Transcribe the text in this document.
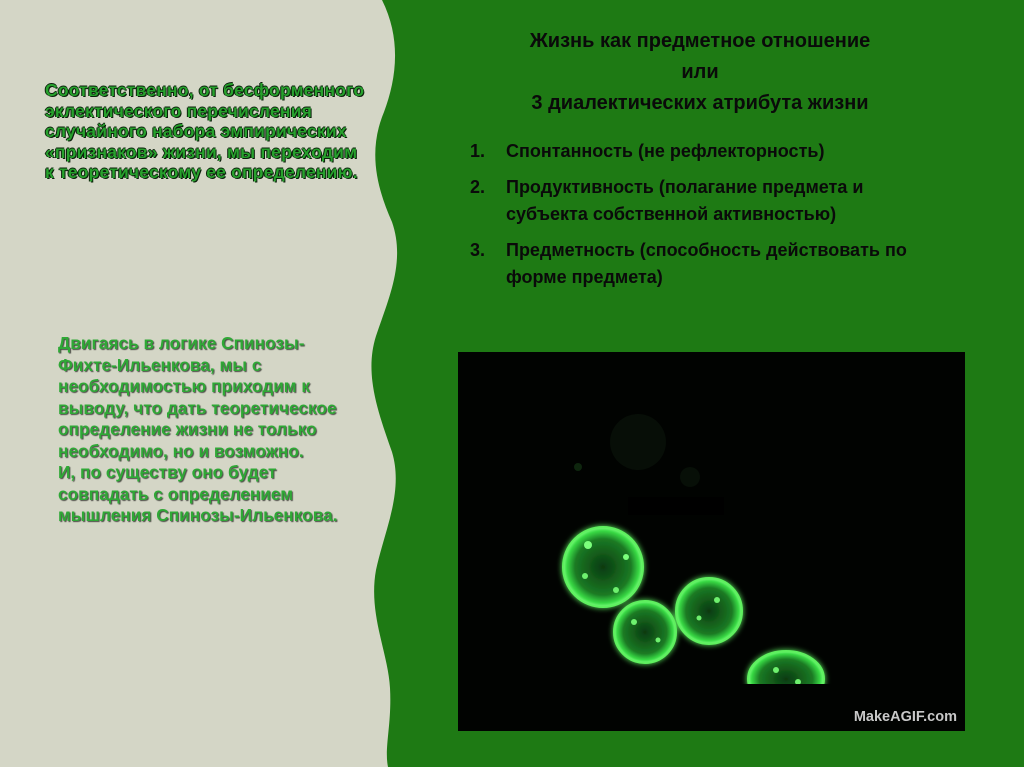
Соответственно, от бесформенного эклектического перечисления случайного набора эмпирических «признаков» жизни, мы переходим к теоретическому ее определению.
Двигаясь в логике Спинозы-Фихте-Ильенкова, мы с необходимостью приходим к выводу, что дать теоретическое определение жизни не только необходимо, но и возможно.
И, по существу оно будет совпадать с определением мышления Спинозы-Ильенкова.
Жизнь как предметное отношение
или
3 диалектических атрибута жизни
1.	Спонтанность (не рефлекторность)
2.	Продуктивность (полагание предмета и субъекта собственной активностью)
3.	Предметность (способность действовать по форме предмета)
MakeAGIF.com
